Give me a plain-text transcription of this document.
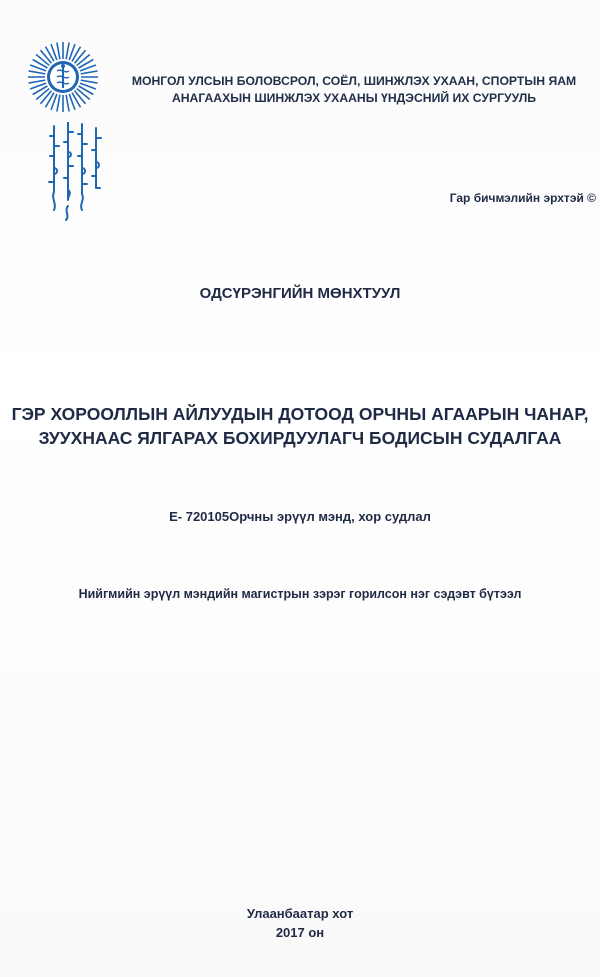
МОНГОЛ УЛСЫН БОЛОВСРОЛ, СОЁЛ, ШИНЖЛЭХ УХААН, СПОРТЫН ЯАМ
АНАГААХЫН ШИНЖЛЭХ УХААНЫ ҮНДЭСНИЙ ИХ СУРГУУЛЬ
Гар бичмэлийн эрхтэй ©
ОДСҮРЭНГИЙН МӨНХТУУЛ
ГЭР ХОРООЛЛЫН АЙЛУУДЫН ДОТООД ОРЧНЫ АГААРЫН ЧАНАР,
ЗУУХНААС ЯЛГАРАХ БОХИРДУУЛАГЧ БОДИСЫН СУДАЛГАА
Е- 720105Орчны эрүүл мэнд, хор судлал
Нийгмийн эрүүл мэндийн магистрын зэрэг горилсон нэг сэдэвт бүтээл
Улаанбаатар хот
2017 он
